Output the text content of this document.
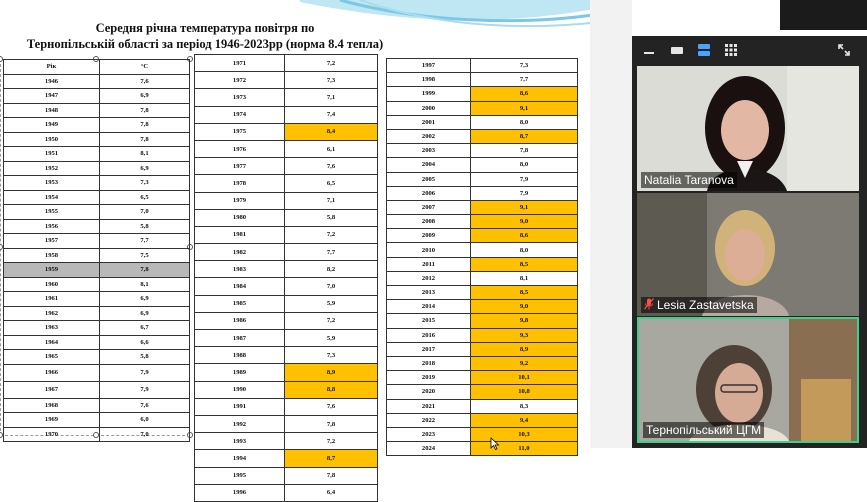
Середня річна температура повітря по
Тернопільській області за період 1946-2023рр (норма 8.4 тепла)
Рік	°С
1946	7,6
1947	6,9
1948	7,8
1949	7,8
1950	7,8
1951	8,1
1952	6,9
1953	7,3
1954	6,5
1955	7,0
1956	5,8
1957	7,7
1958	7,5
1959	7,8
1960	8,1
1961	6,9
1962	6,9
1963	6,7
1964	6,6
1965	5,8
1966	7,9
1967	7,9
1968	7,6
1969	6,0
1970	7,0
1971	7,2
1972	7,3
1973	7,1
1974	7,4
1975	8,4
1976	6,1
1977	7,6
1978	6,5
1979	7,1
1980	5,8
1981	7,2
1982	7,7
1983	8,2
1984	7,0
1985	5,9
1986	7,2
1987	5,9
1988	7,3
1989	8,9
1990	8,8
1991	7,6
1992	7,8
1993	7,2
1994	8,7
1995	7,8
1996	6,4
1997	7,3
1998	7,7
1999	8,6
2000	9,1
2001	8,0
2002	8,7
2003	7,8
2004	8,0
2005	7,9
2006	7,9
2007	9,1
2008	9,0
2009	8,6
2010	8,0
2011	8,5
2012	8,1
2013	8,5
2014	9,0
2015	9,8
2016	9,3
2017	8,9
2018	9,2
2019	10,1
2020	10,8
2021	8,3
2022	9,4
2023	10,3
2024	11,0
Natalia Taranova
Lesia Zastavetska
Тернопільський ЦГМ
